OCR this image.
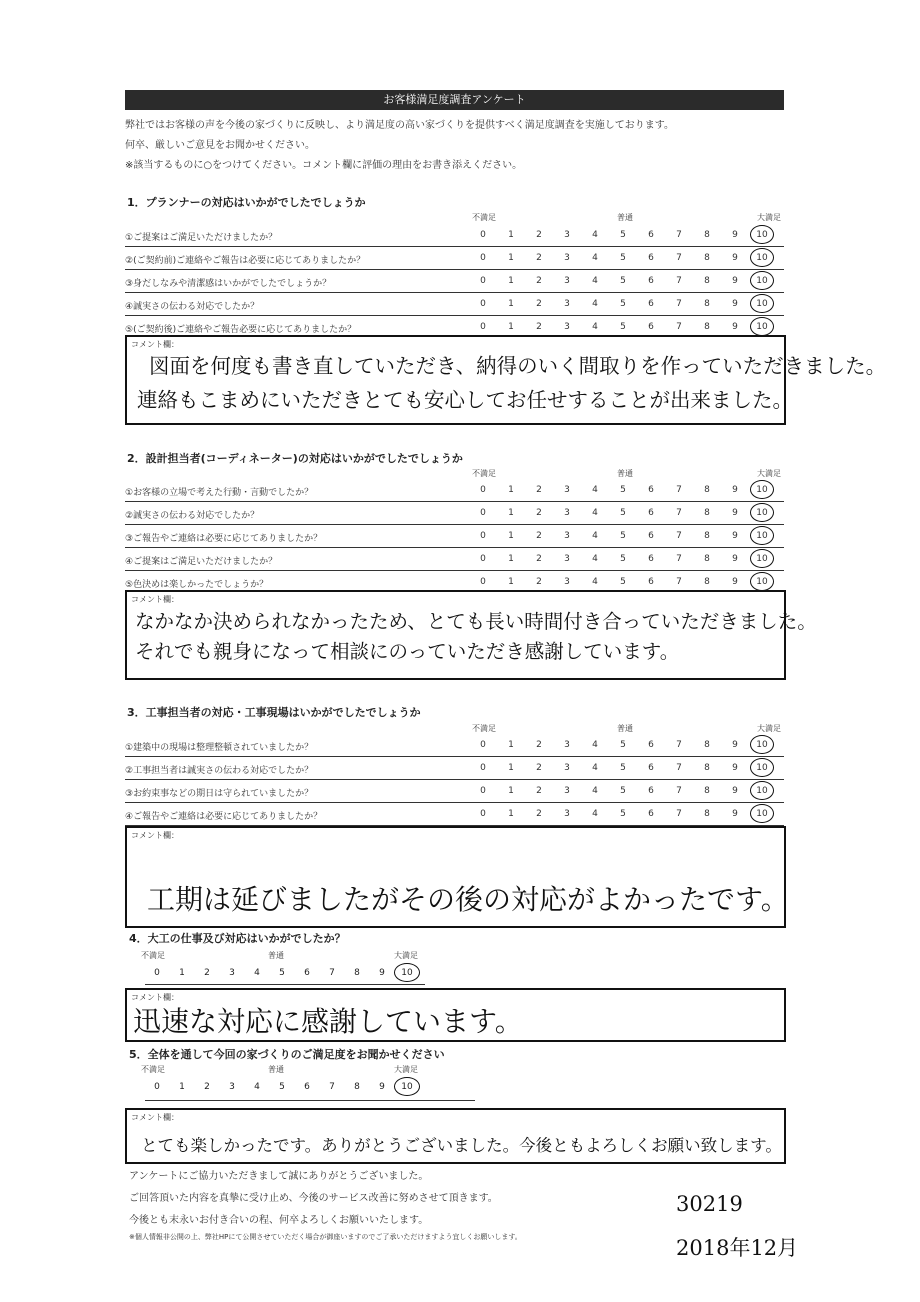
お客様満足度調査アンケート
弊社ではお客様の声を今後の家づくりに反映し、より満足度の高い家づくりを提供すべく満足度調査を実施しております。
何卒、厳しいご意見をお聞かせください。
※該当するものに○をつけてください。コメント欄に評価の理由をお書き添えください。
1．プランナーの対応はいかがでしたでしょうか
不満足	普通	大満足
①ご提案はご満足いただけましたか？	0	1	2	3	4	5	6	7	8	9	10
②(ご契約前)ご連絡やご報告は必要に応じてありましたか？	0	1	2	3	4	5	6	7	8	9	10
③身だしなみや清潔感はいかがでしたでしょうか？	0	1	2	3	4	5	6	7	8	9	10
④誠実さの伝わる対応でしたか？	0	1	2	3	4	5	6	7	8	9	10
⑤(ご契約後)ご連絡やご報告必要に応じてありましたか？	0	1	2	3	4	5	6	7	8	9	10
コメント欄：
図面を何度も書き直していただき、納得のいく間取りを作っていただきました。
連絡もこまめにいただきとても安心してお任せすることが出来ました。
2．設計担当者(コーディネーター)の対応はいかがでしたでしょうか
不満足	普通	大満足
①お客様の立場で考えた行動・言動でしたか？	0	1	2	3	4	5	6	7	8	9	10
②誠実さの伝わる対応でしたか？	0	1	2	3	4	5	6	7	8	9	10
③ご報告やご連絡は必要に応じてありましたか？	0	1	2	3	4	5	6	7	8	9	10
④ご提案はご満足いただけましたか？	0	1	2	3	4	5	6	7	8	9	10
⑤色決めは楽しかったでしょうか？	0	1	2	3	4	5	6	7	8	9	10
コメント欄：
なかなか決められなかったため、とても長い時間付き合っていただきました。
それでも親身になって相談にのっていただき感謝しています。
3．工事担当者の対応・工事現場はいかがでしたでしょうか
不満足	普通	大満足
①建築中の現場は整理整頓されていましたか？	0	1	2	3	4	5	6	7	8	9	10
②工事担当者は誠実さの伝わる対応でしたか？	0	1	2	3	4	5	6	7	8	9	10
③お約束事などの期日は守られていましたか？	0	1	2	3	4	5	6	7	8	9	10
④ご報告やご連絡は必要に応じてありましたか？	0	1	2	3	4	5	6	7	8	9	10
コメント欄：
工期は延びましたがその後の対応がよかったです。
4．大工の仕事及び対応はいかがでしたか？
不満足	普通	大満足
0	1	2	3	4	5	6	7	8	9	10
コメント欄：
迅速な対応に感謝しています。
5．全体を通して今回の家づくりのご満足度をお聞かせください
不満足	普通	大満足
0	1	2	3	4	5	6	7	8	9	10
コメント欄：
とても楽しかったです。ありがとうございました。今後ともよろしくお願い致します。
アンケートにご協力いただきまして誠にありがとうございました。
ご回答頂いた内容を真摯に受け止め、今後のサービス改善に努めさせて頂きます。
今後とも末永いお付き合いの程、何卒よろしくお願いいたします。
※個人情報非公開の上、弊社HPにて公開させていただく場合が御座いますのでご了承いただけますよう宜しくお願いします。
30219
2018年12月
